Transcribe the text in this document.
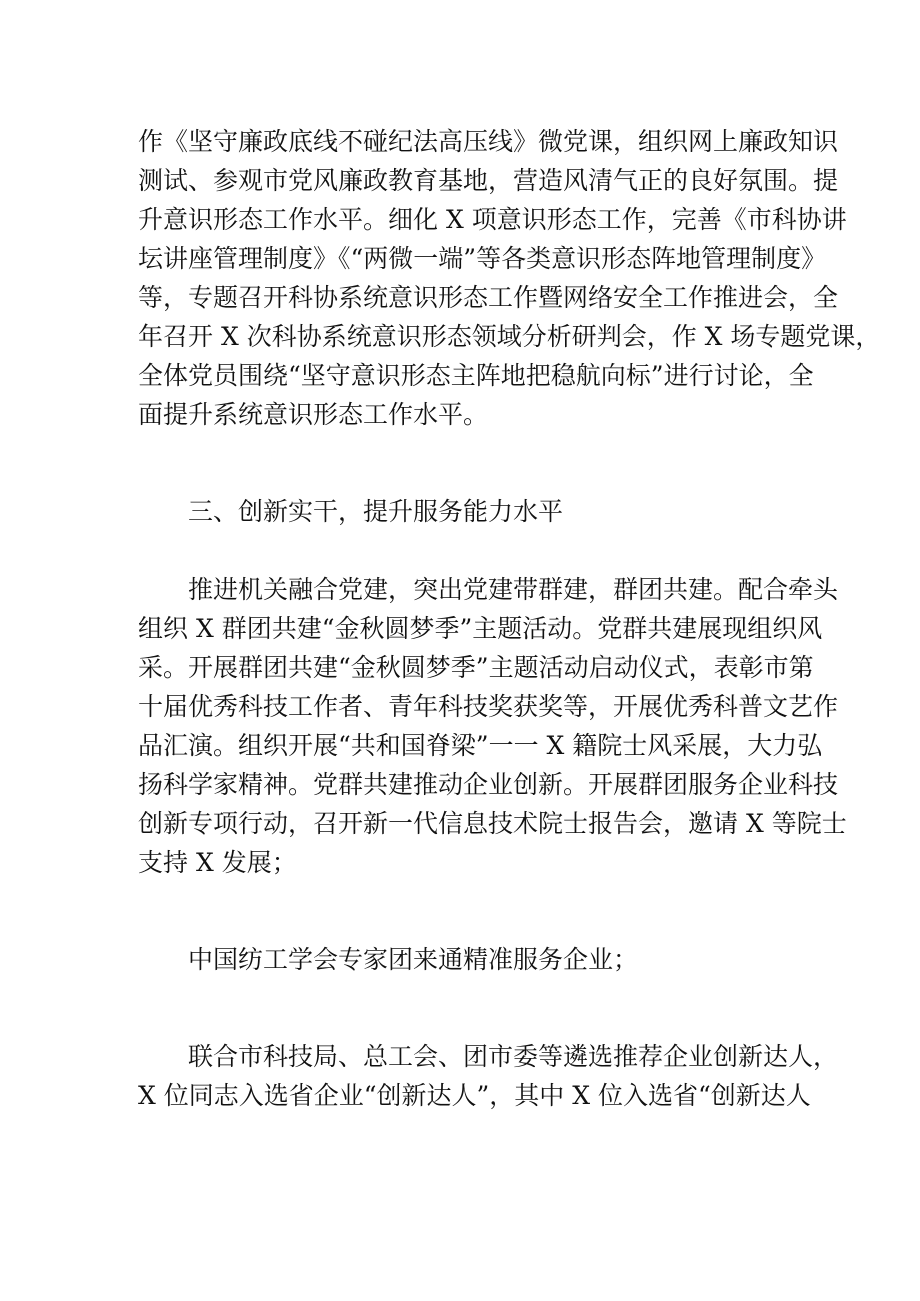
作《坚守廉政底线不碰纪法高压线》微党课，组织网上廉政知识
测试、参观市党风廉政教育基地，营造风清气正的良好氛围。提
升意识形态工作水平。细化 X 项意识形态工作，完善《市科协讲
坛讲座管理制度》《“两微一端”等各类意识形态阵地管理制度》
等，专题召开科协系统意识形态工作暨网络安全工作推进会，全
年召开 X 次科协系统意识形态领域分析研判会，作 X 场专题党课，
全体党员围绕“坚守意识形态主阵地把稳航向标”进行讨论，全
面提升系统意识形态工作水平。
三、创新实干，提升服务能力水平
推进机关融合党建，突出党建带群建，群团共建。配合牵头
组织 X 群团共建“金秋圆梦季”主题活动。党群共建展现组织风
采。开展群团共建“金秋圆梦季”主题活动启动仪式，表彰市第
十届优秀科技工作者、青年科技奖获奖等，开展优秀科普文艺作
品汇演。组织开展“共和国脊梁”一一 X 籍院士风采展，大力弘
扬科学家精神。党群共建推动企业创新。开展群团服务企业科技
创新专项行动，召开新一代信息技术院士报告会，邀请 X 等院士
支持 X 发展；
中国纺工学会专家团来通精准服务企业；
联合市科技局、总工会、团市委等遴选推荐企业创新达人，
X 位同志入选省企业“创新达人”，其中 X 位入选省“创新达人
